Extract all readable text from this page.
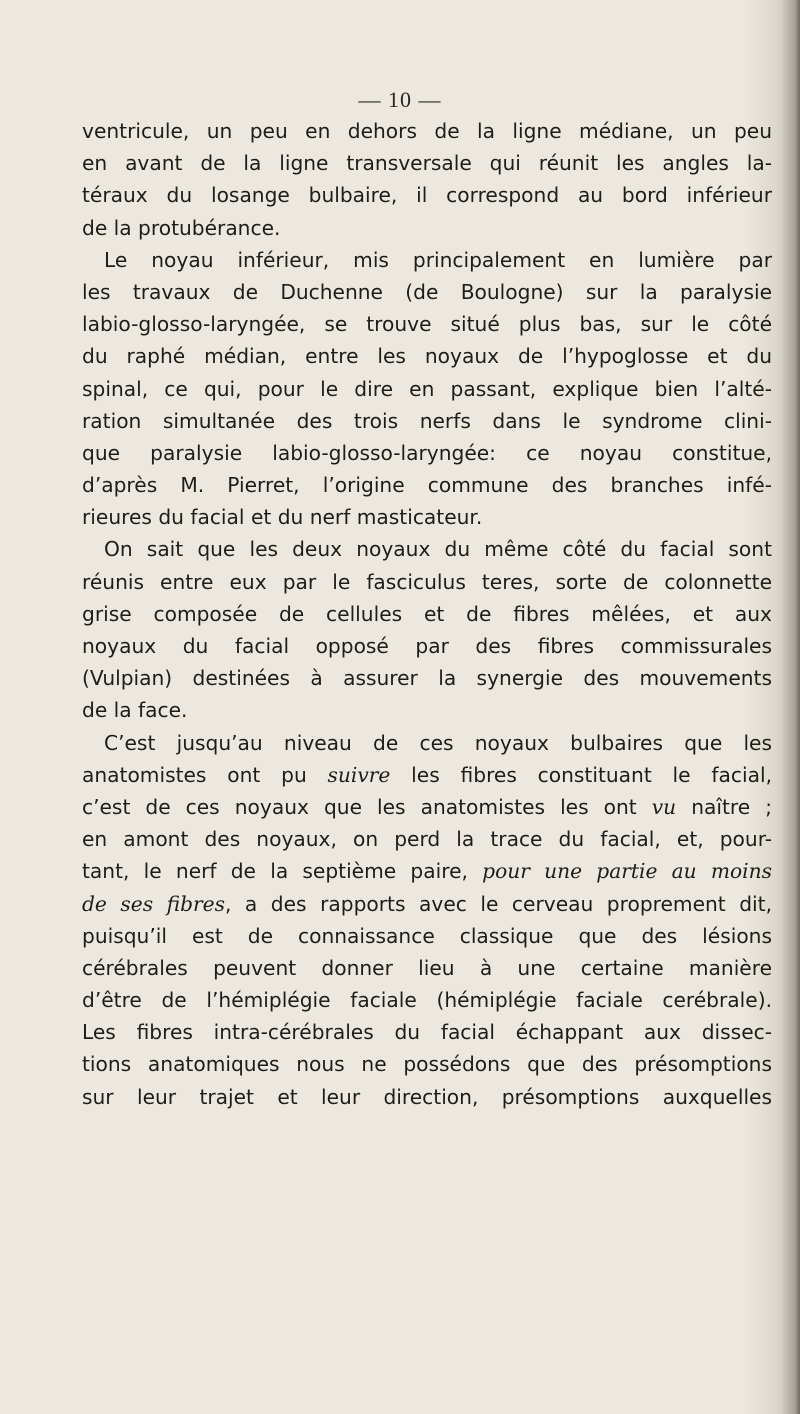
— 10 —
ventricule, un peu en dehors de la ligne médiane, un peu
en avant de la ligne transversale qui réunit les angles la-
téraux du losange bulbaire, il correspond au bord inférieur
de la protubérance.
Le noyau inférieur, mis principalement en lumière par
les travaux de Duchenne (de Boulogne) sur la paralysie
labio-glosso-laryngée, se trouve situé plus bas, sur le côté
du raphé médian, entre les noyaux de l’hypoglosse et du
spinal, ce qui, pour le dire en passant, explique bien l’alté-
ration simultanée des trois nerfs dans le syndrome clini-
que paralysie labio-glosso-laryngée: ce noyau constitue,
d’après M. Pierret, l’origine commune des branches infé-
rieures du facial et du nerf masticateur.
On sait que les deux noyaux du même côté du facial sont
réunis entre eux par le fasciculus teres, sorte de colonnette
grise composée de cellules et de fibres mêlées, et aux
noyaux du facial opposé par des fibres commissurales
(Vulpian) destinées à assurer la synergie des mouvements
de la face.
C’est jusqu’au niveau de ces noyaux bulbaires que les
anatomistes ont pu suivre les fibres constituant le facial,
c’est de ces noyaux que les anatomistes les ont vu naître ;
en amont des noyaux, on perd la trace du facial, et, pour-
tant, le nerf de la septième paire, pour une partie au moins
de ses fibres, a des rapports avec le cerveau proprement dit,
puisqu’il est de connaissance classique que des lésions
cérébrales peuvent donner lieu à une certaine manière
d’être de l’hémiplégie faciale (hémiplégie faciale cerébrale).
Les fibres intra-cérébrales du facial échappant aux dissec-
tions anatomiques nous ne possédons que des présomptions
sur leur trajet et leur direction, présomptions auxquelles
